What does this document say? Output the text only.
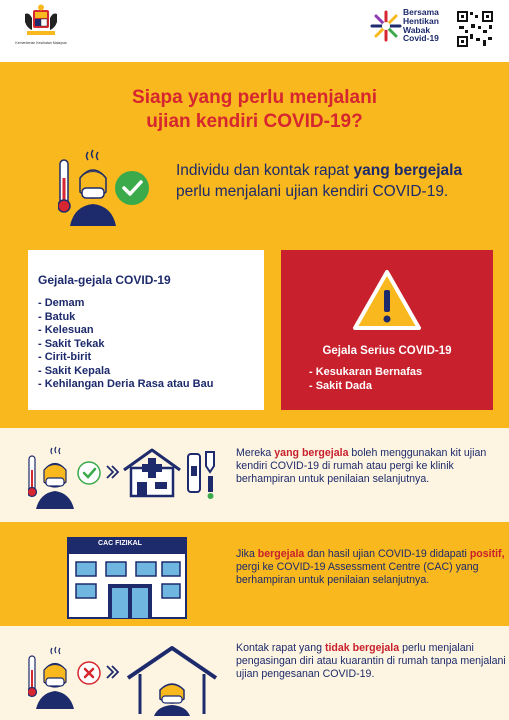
Kementerian Kesihatan Malaysia
Bersama
Hentikan
Wabak
Covid-19
Siapa yang perlu menjalani
ujian kendiri COVID-19?
Individu dan kontak rapat yang bergejala perlu menjalani ujian kendiri COVID-19.
Gejala-gejala COVID-19
- Demam
- Batuk
- Kelesuan
- Sakit Tekak
- Cirit-birit
- Sakit Kepala
- Kehilangan Deria Rasa atau Bau
Gejala Serius COVID-19
- Kesukaran Bernafas
- Sakit Dada
Mereka yang bergejala boleh menggunakan kit ujian kendiri COVID-19 di rumah atau pergi ke klinik berhampiran untuk penilaian selanjutnya.
CAC FIZIKAL
Jika bergejala dan hasil ujian COVID-19 didapati positif, pergi ke COVID-19 Assessment Centre (CAC) yang berhampiran untuk penilaian selanjutnya.
Kontak rapat yang tidak bergejala perlu menjalani pengasingan diri atau kuarantin di rumah tanpa menjalani ujian pengesanan COVID-19.
